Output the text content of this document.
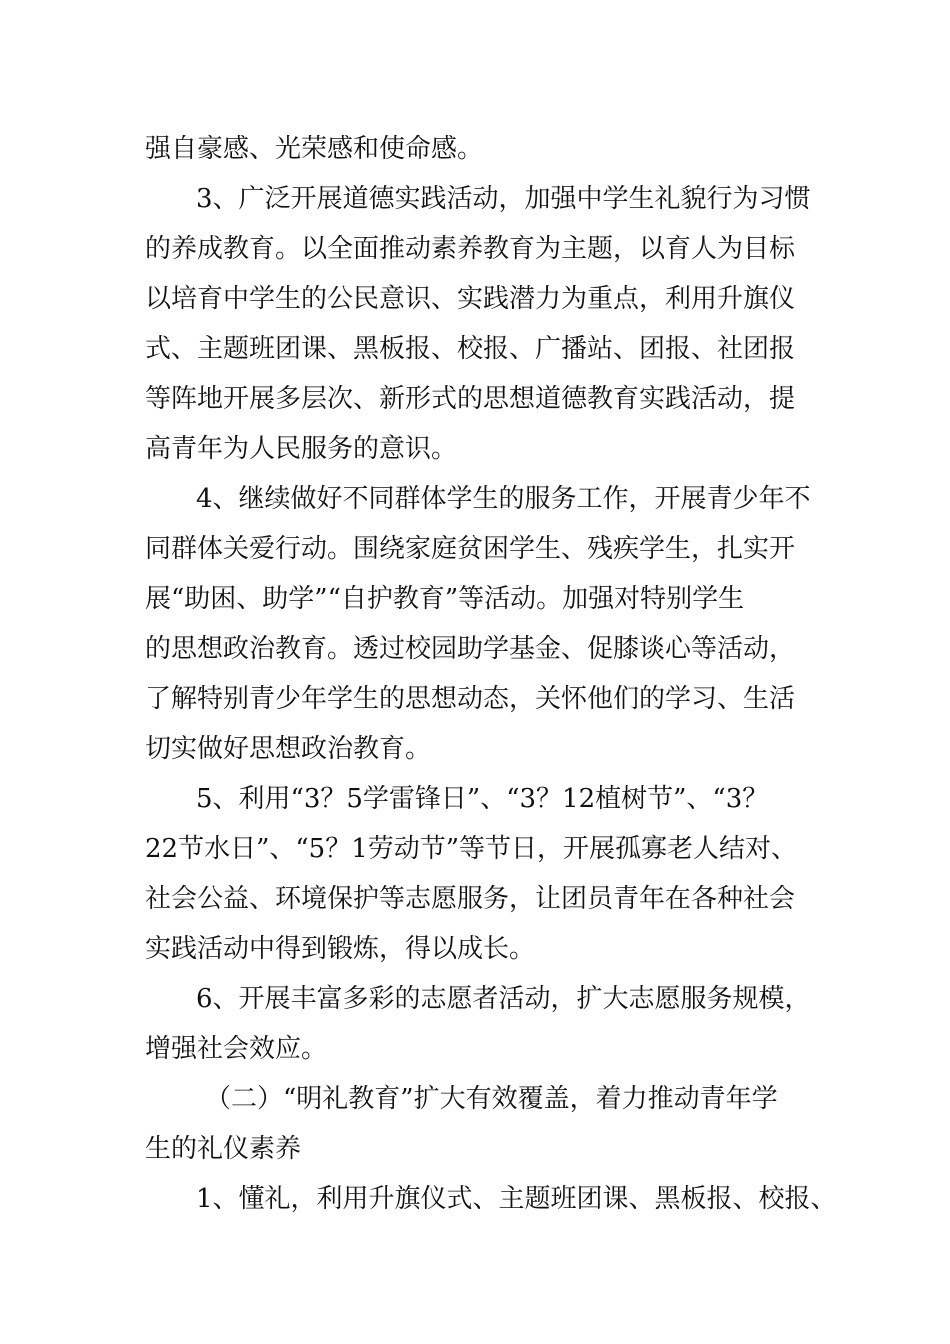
强自豪感、光荣感和使命感。
3、广泛开展道德实践活动，加强中学生礼貌行为习惯
的养成教育。以全面推动素养教育为主题，以育人为目标
以培育中学生的公民意识、实践潜力为重点，利用升旗仪
式、主题班团课、黑板报、校报、广播站、团报、社团报
等阵地开展多层次、新形式的思想道德教育实践活动，提
高青年为人民服务的意识。
4、继续做好不同群体学生的服务工作，开展青少年不
同群体关爱行动。围绕家庭贫困学生、残疾学生，扎实开
展“助困、助学”“自护教育”等活动。加强对特别学生
的思想政治教育。透过校园助学基金、促膝谈心等活动，
了解特别青少年学生的思想动态，关怀他们的学习、生活
切实做好思想政治教育。
5、利用“3？5学雷锋日”、“3？12植树节”、“3？
22节水日”、“5？1劳动节”等节日，开展孤寡老人结对、
社会公益、环境保护等志愿服务，让团员青年在各种社会
实践活动中得到锻炼，得以成长。
6、开展丰富多彩的志愿者活动，扩大志愿服务规模，
增强社会效应。
（二）“明礼教育”扩大有效覆盖，着力推动青年学
生的礼仪素养
1、懂礼，利用升旗仪式、主题班团课、黑板报、校报、
